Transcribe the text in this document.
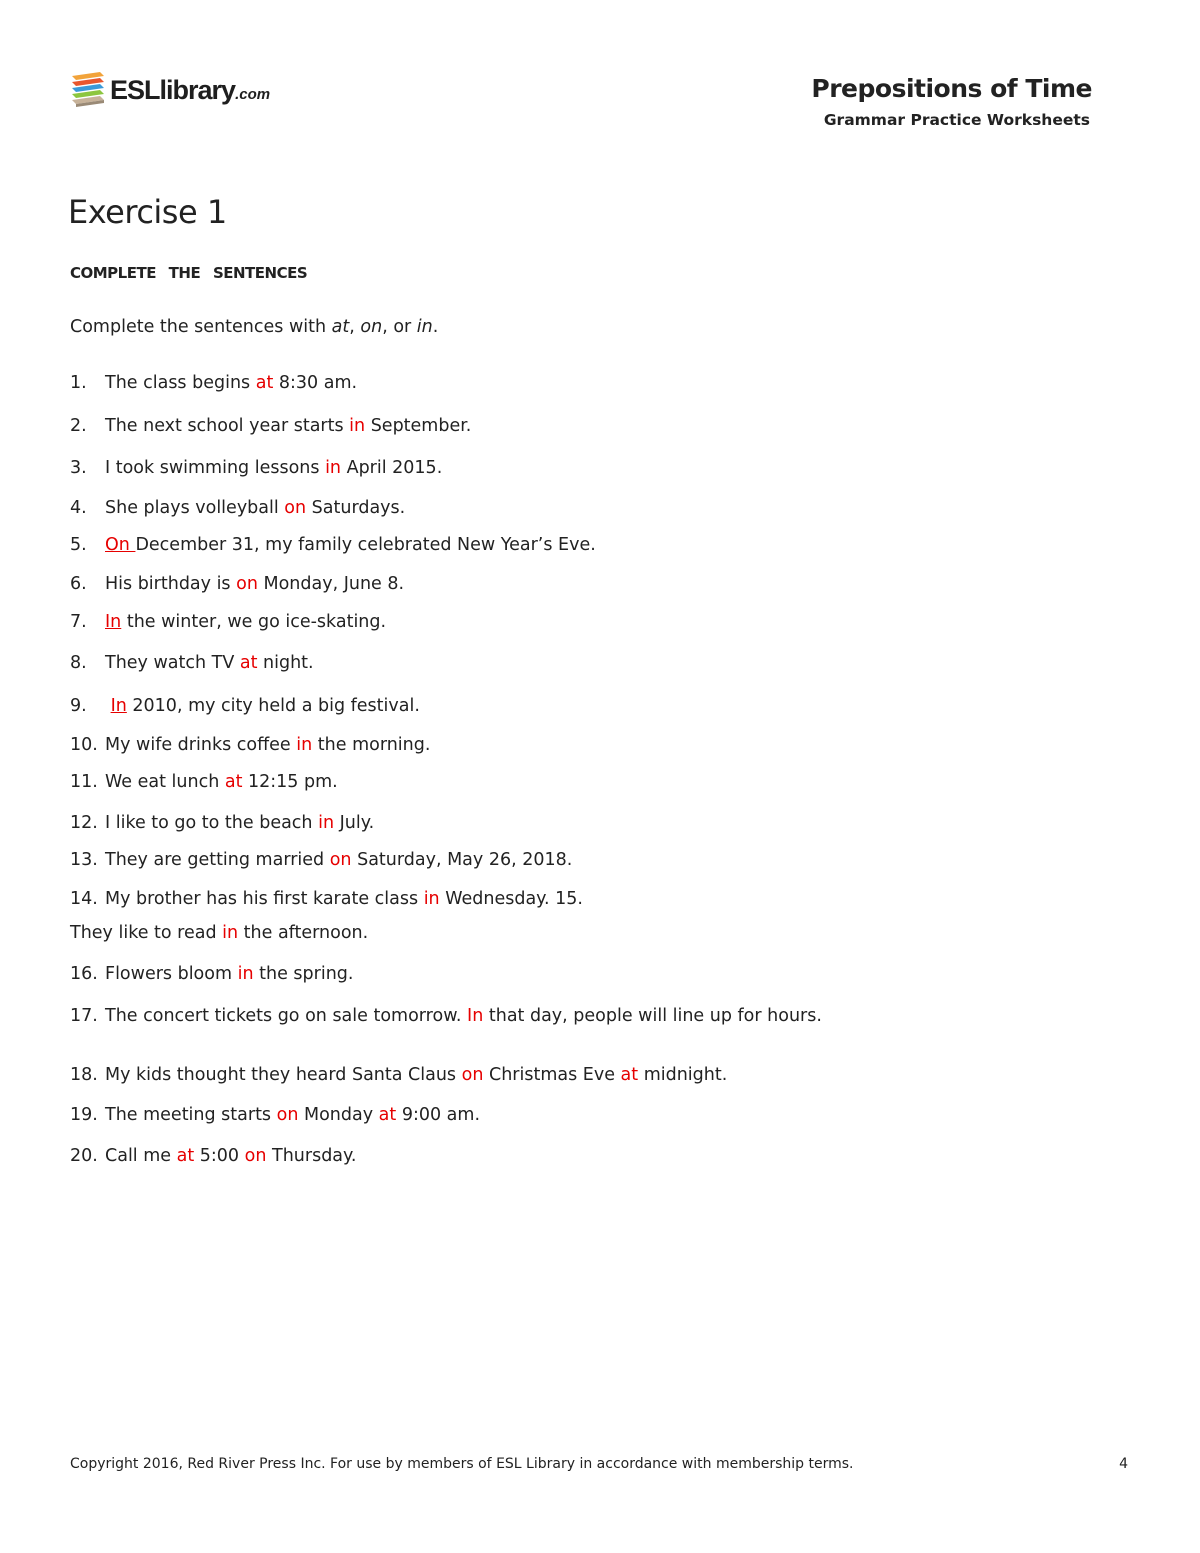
ESLlibrary.com	Prepositions of Time
Grammar Practice Worksheets
Exercise 1
COMPLETE THE SENTENCES
Complete the sentences with at, on, or in.
1. The class begins at 8:30 am.
2. The next school year starts in September.
3. I took swimming lessons in April 2015.
4. She plays volleyball on Saturdays.
5. On December 31, my family celebrated New Year’s Eve.
6. His birthday is on Monday, June 8.
7. In the winter, we go ice-skating.
8. They watch TV at night.
9. In 2010, my city held a big festival.
10. My wife drinks coffee in the morning.
11. We eat lunch at 12:15 pm.
12. I like to go to the beach in July.
13. They are getting married on Saturday, May 26, 2018.
14. My brother has his first karate class in Wednesday. 15.
They like to read in the afternoon.
16. Flowers bloom in the spring.
17. The concert tickets go on sale tomorrow. In that day, people will line up for hours.
18. My kids thought they heard Santa Claus on Christmas Eve at midnight.
19. The meeting starts on Monday at 9:00 am.
20. Call me at 5:00 on Thursday.
Copyright 2016, Red River Press Inc. For use by members of ESL Library in accordance with membership terms.	4
